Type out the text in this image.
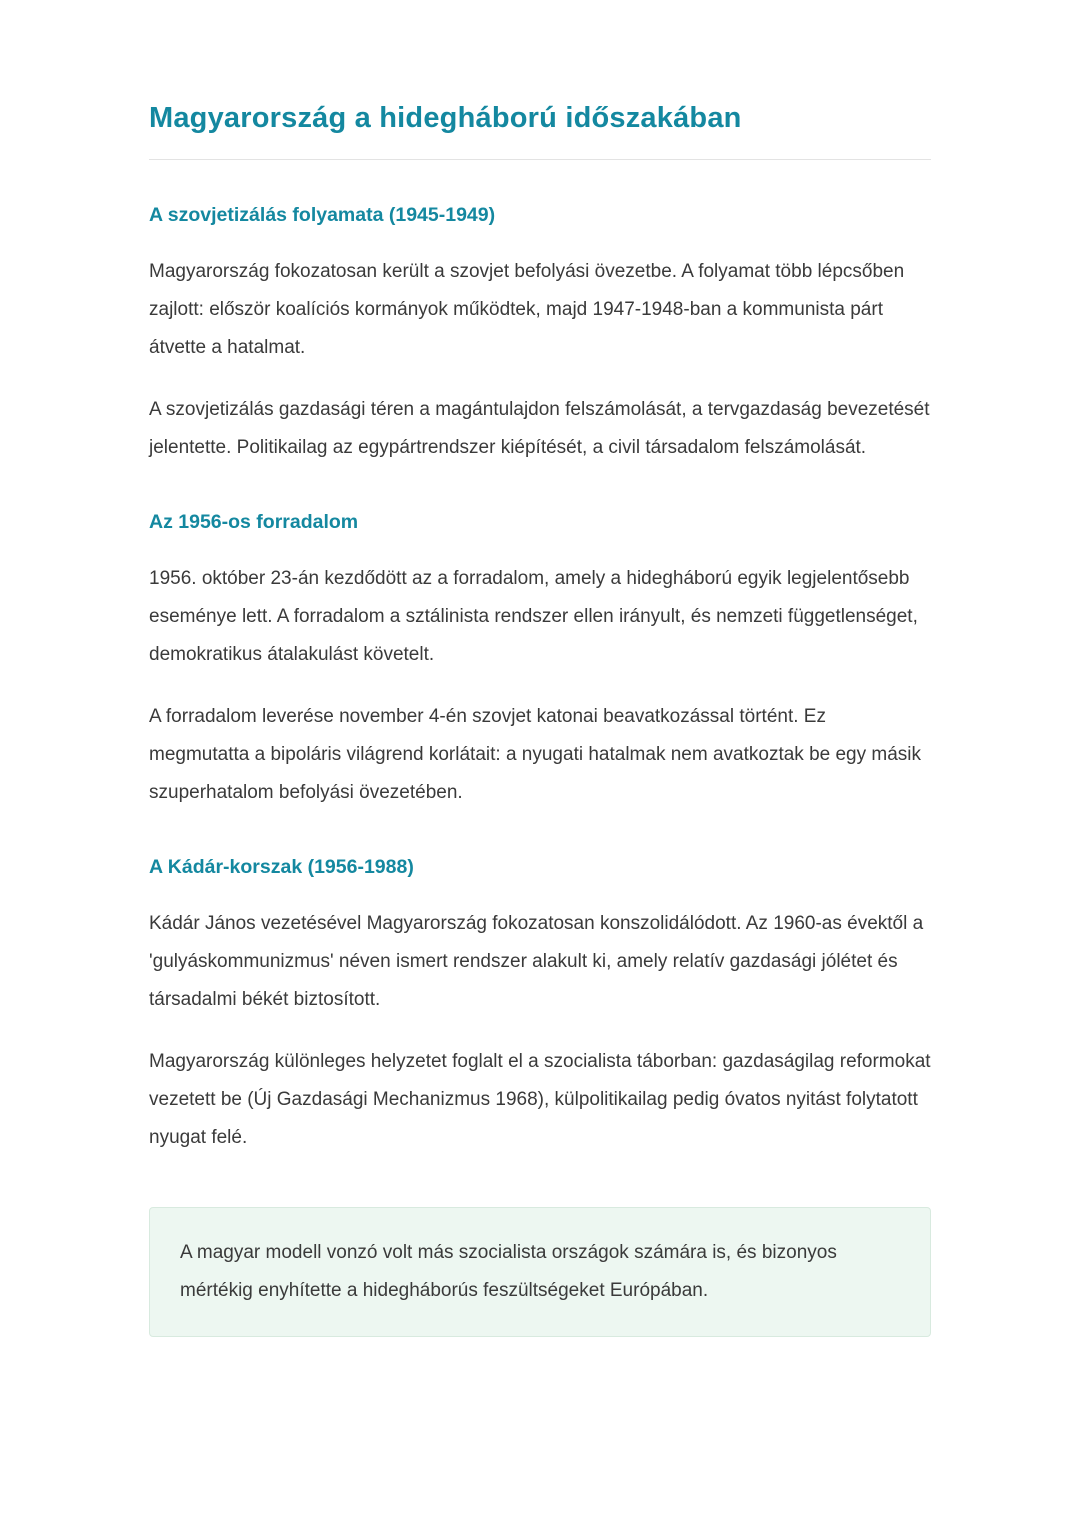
Magyarország a hidegháború időszakában
A szovjetizálás folyamata (1945-1949)

Magyarország fokozatosan került a szovjet befolyási övezetbe. A folyamat több lépcsőben zajlott: először koalíciós kormányok működtek, majd 1947-1948-ban a kommunista párt átvette a hatalmat.

A szovjetizálás gazdasági téren a magántulajdon felszámolását, a tervgazdaság bevezetését jelentette. Politikailag az egypártrendszer kiépítését, a civil társadalom felszámolását.

Az 1956-os forradalom

1956. október 23-án kezdődött az a forradalom, amely a hidegháború egyik legjelentősebb eseménye lett. A forradalom a sztálinista rendszer ellen irányult, és nemzeti függetlenséget, demokratikus átalakulást követelt.

A forradalom leverése november 4-én szovjet katonai beavatkozással történt. Ez megmutatta a bipoláris világrend korlátait: a nyugati hatalmak nem avatkoztak be egy másik szuperhatalom befolyási övezetében.

A Kádár-korszak (1956-1988)

Kádár János vezetésével Magyarország fokozatosan konszolidálódott. Az 1960-as évektől a 'gulyáskommunizmus' néven ismert rendszer alakult ki, amely relatív gazdasági jólétet és társadalmi békét biztosított.

Magyarország különleges helyzetet foglalt el a szocialista táborban: gazdaságilag reformokat vezetett be (Új Gazdasági Mechanizmus 1968), külpolitikailag pedig óvatos nyitást folytatott nyugat felé.

A magyar modell vonzó volt más szocialista országok számára is, és bizonyos mértékig enyhítette a hidegháborús feszültségeket Európában.
